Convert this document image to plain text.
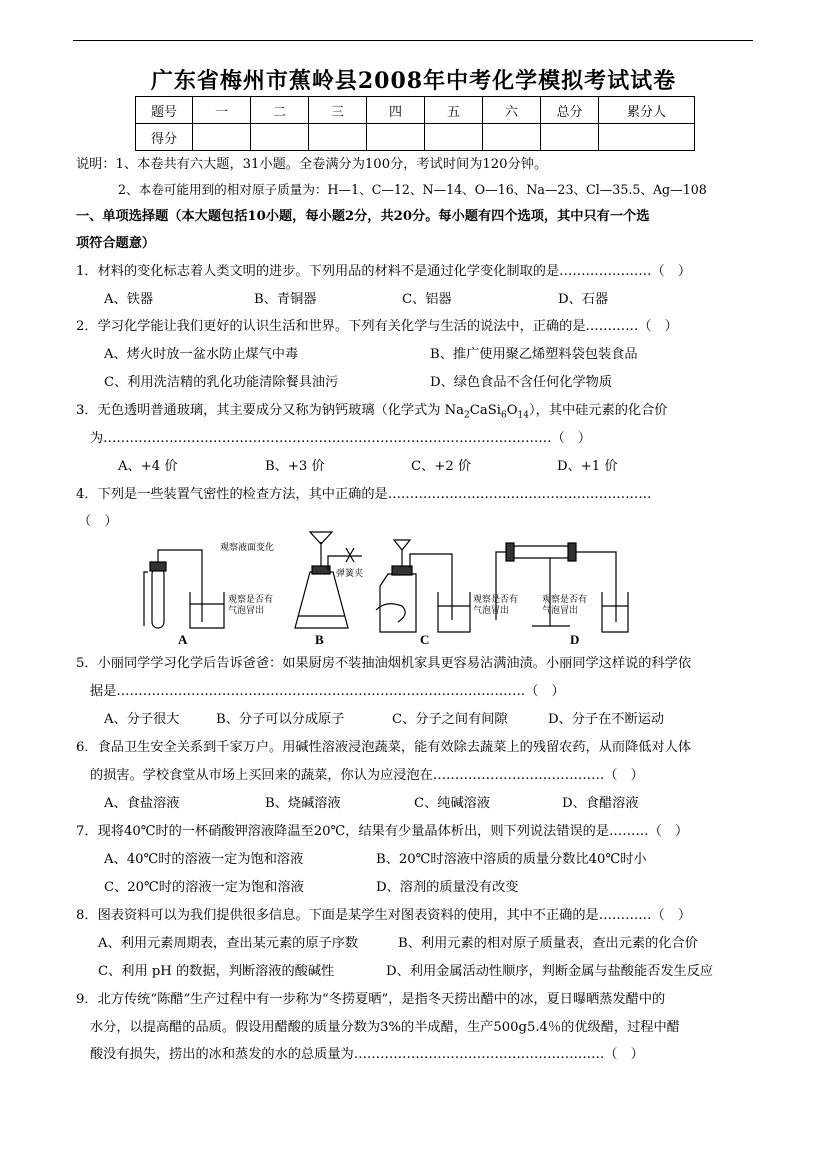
广东省梅州市蕉岭县2008年中考化学模拟考试试卷
题号	一	二	三	四	五	六	总分	累分人
得分								
说明：1、本卷共有六大题，31小题。全卷满分为100分，考试时间为120分钟。
2、本卷可能用到的相对原子质量为：H—1、C—12、N—14、O—16、Na—23、Cl—35.5、Ag—108
一、单项选择题（本大题包括10小题，每小题2分，共20分。每小题有四个选项，其中只有一个选
项符合题意）
1．材料的变化标志着人类文明的进步。下列用品的材料不是通过化学变化制取的是…………………（　）
A、铁器	B、青铜器	C、铝器	D、石器
2．学习化学能让我们更好的认识生活和世界。下列有关化学与生活的说法中，正确的是…………（　）
A、烤火时放一盆水防止煤气中毒	B、推广使用聚乙烯塑料袋包装食品
C、利用洗洁精的乳化功能清除餐具油污	D、绿色食品不含任何化学物质
3．无色透明普通玻璃，其主要成分又称为钠钙玻璃（化学式为 $Na_2CaSi_6O_{14}$），其中硅元素的化合价
为…………………………………………………………………………………………（　）
A、+4 价	B、+3 价	C、+2 价	D、+1 价
4．下列是一些装置气密性的检查方法，其中正确的是……………………………………………………
（　）
观察液面变化
弹簧夹
观察是否有
气泡冒出
观察是否有
气泡冒出
观察是否有
气泡冒出
A	B	C	D
5．小丽同学学习化学后告诉爸爸：如果厨房不装抽油烟机家具更容易沾满油渍。小丽同学这样说的科学依
据是…………………………………………………………………………………（　）
A、分子很大	B、分子可以分成原子	C、分子之间有间隙	D、分子在不断运动
6．食品卫生安全关系到千家万户。用碱性溶液浸泡蔬菜，能有效除去蔬菜上的残留农药，从而降低对人体
的损害。学校食堂从市场上买回来的蔬菜，你认为应浸泡在…………………………………（　）
A、食盐溶液	B、烧碱溶液	C、纯碱溶液	D、食醋溶液
7．现将40℃时的一杯硝酸钾溶液降温至20℃，结果有少量晶体析出，则下列说法错误的是………（　）
A、40℃时的溶液一定为饱和溶液	B、20℃时溶液中溶质的质量分数比40℃时小
C、20℃时的溶液一定为饱和溶液	D、溶剂的质量没有改变
8．图表资料可以为我们提供很多信息。下面是某学生对图表资料的使用，其中不正确的是…………（　）
A、利用元素周期表，查出某元素的原子序数	B、利用元素的相对原子质量表，查出元素的化合价
C、利用 pH 的数据，判断溶液的酸碱性	D、利用金属活动性顺序，判断金属与盐酸能否发生反应
9．北方传统“陈醋”生产过程中有一步称为“冬捞夏晒”，是指冬天捞出醋中的冰，夏日曝晒蒸发醋中的
水分，以提高醋的品质。假设用醋酸的质量分数为3%的半成醋，生产500g5.4％的优级醋，过程中醋
酸没有损失，捞出的冰和蒸发的水的总质量为…………………………………………………（　）
